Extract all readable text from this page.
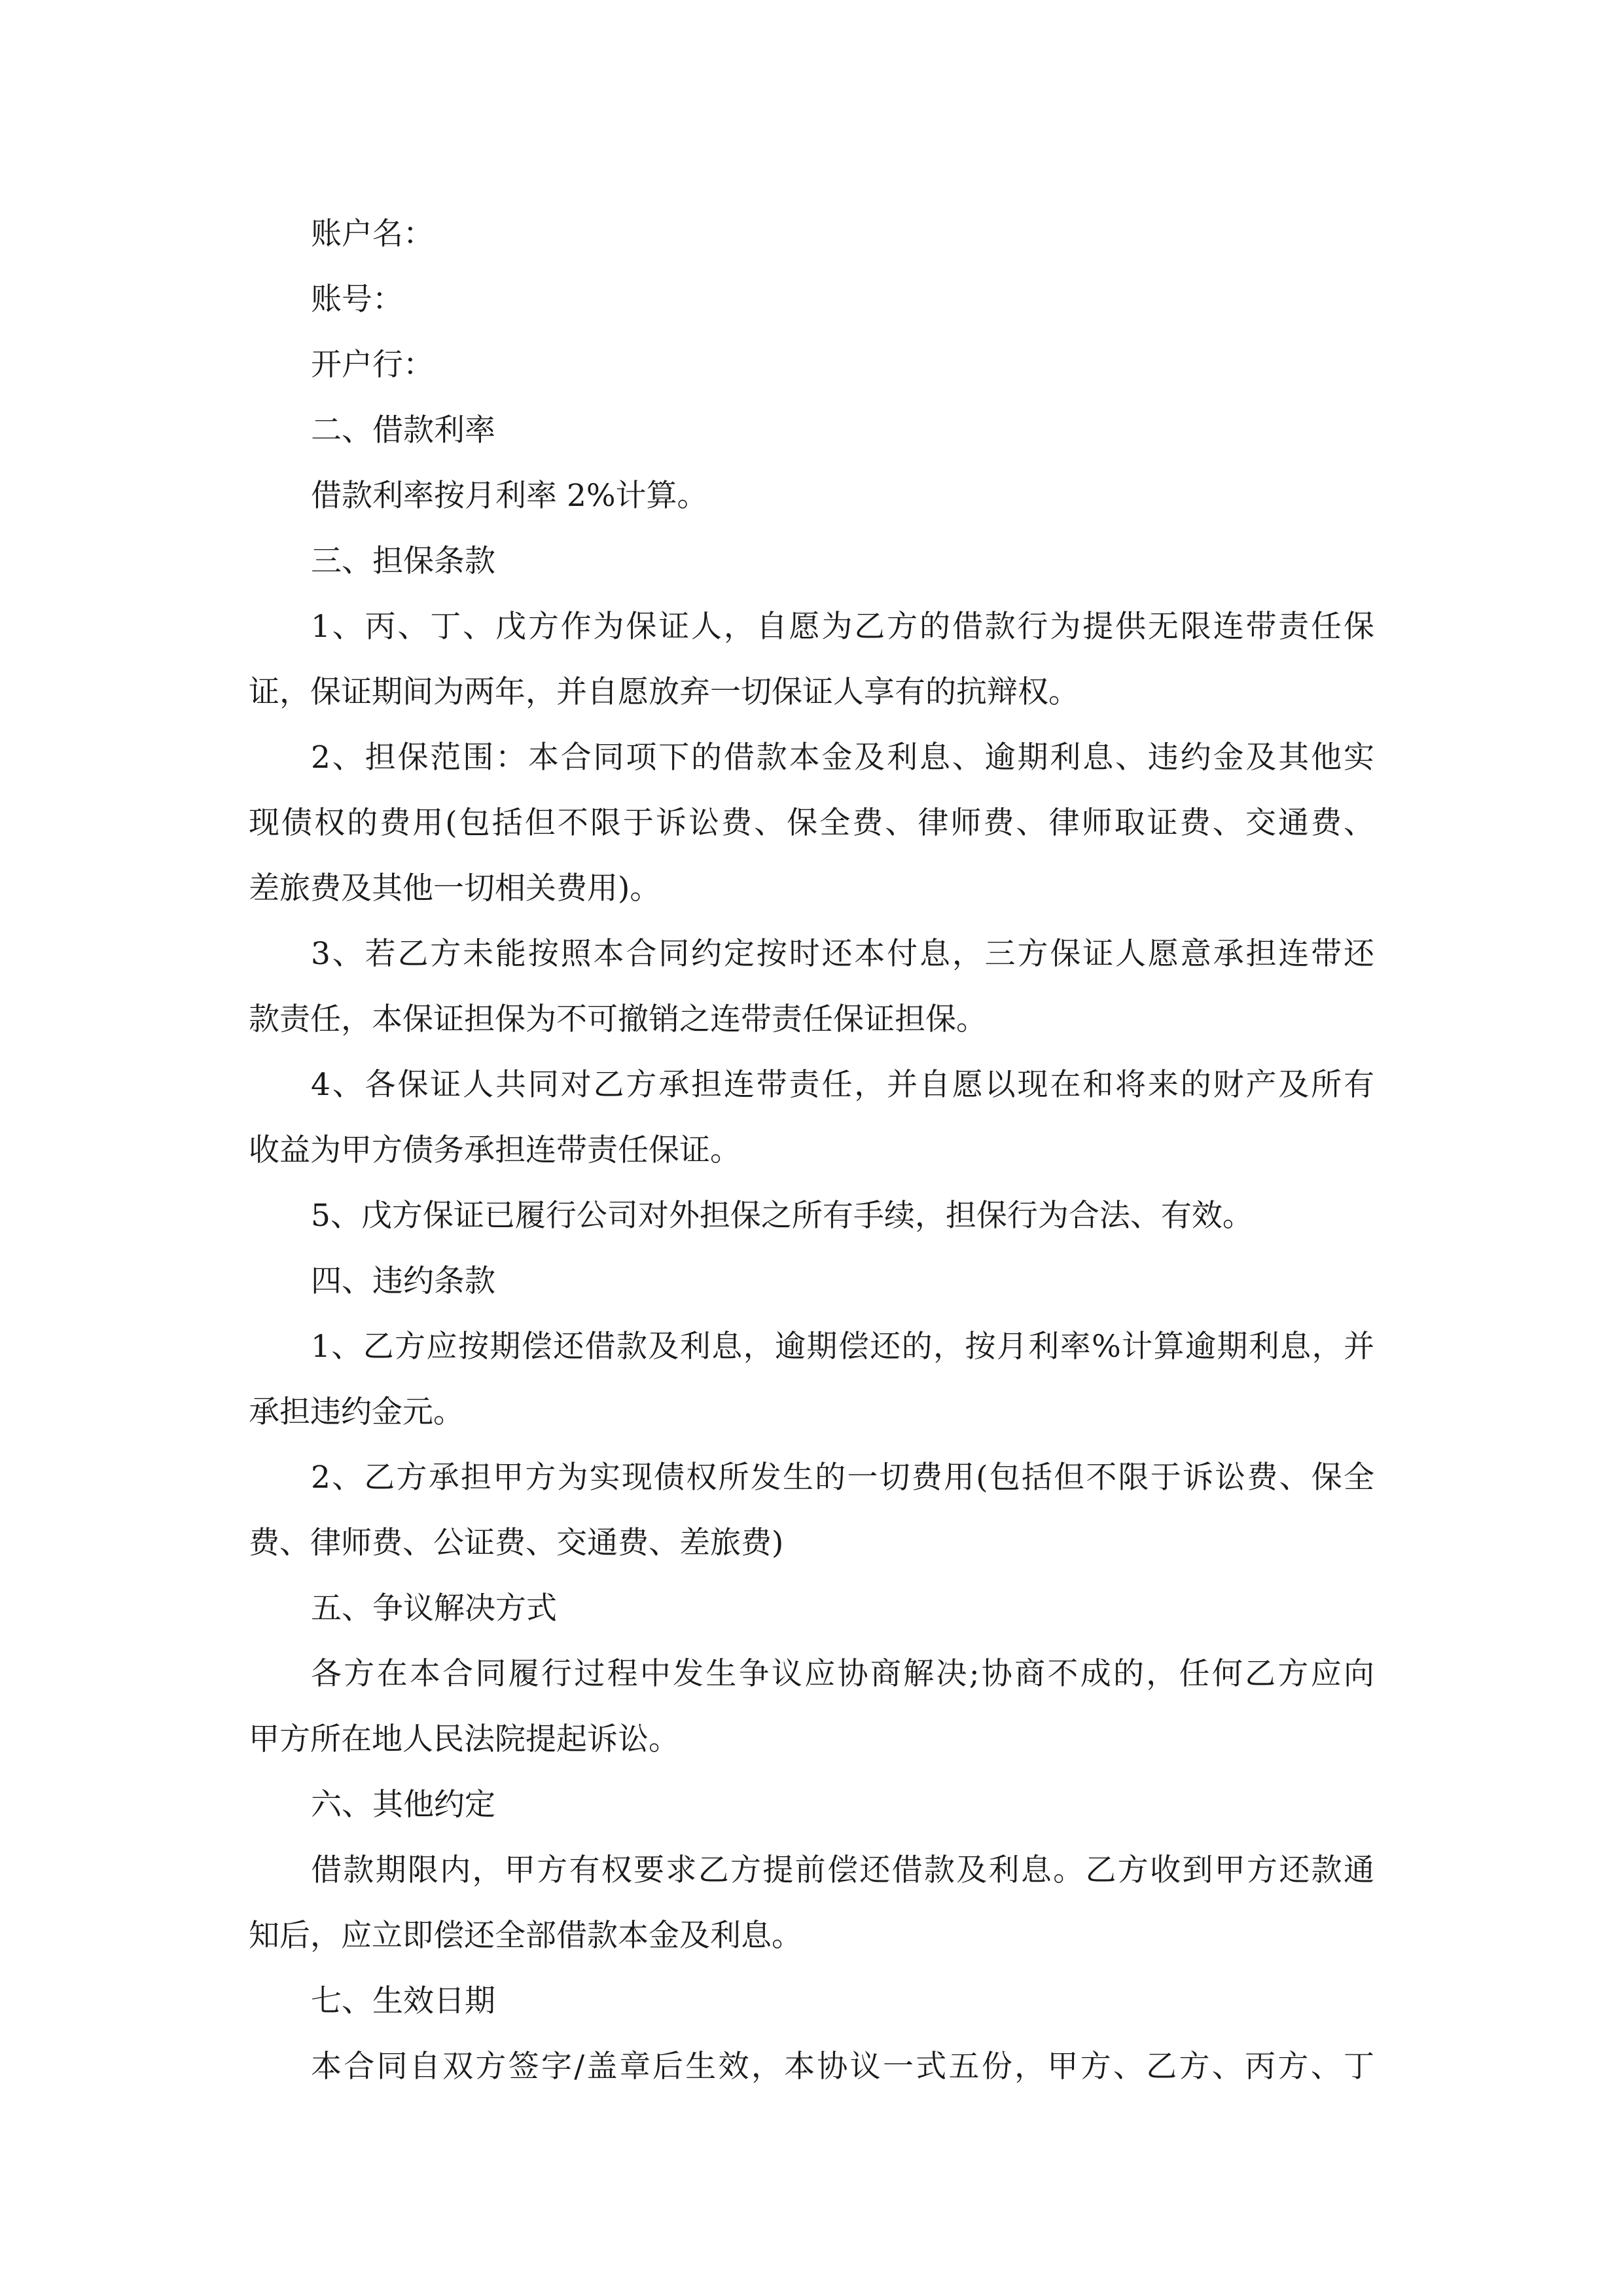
账户名：
账号：
开户行：
二、借款利率
借款利率按月利率 2%计算。
三、担保条款
1、丙、丁、戊方作为保证人，自愿为乙方的借款行为提供无限连带责任保
证，保证期间为两年，并自愿放弃一切保证人享有的抗辩权。
2、担保范围：本合同项下的借款本金及利息、逾期利息、违约金及其他实
现债权的费用(包括但不限于诉讼费、保全费、律师费、律师取证费、交通费、
差旅费及其他一切相关费用)。
3、若乙方未能按照本合同约定按时还本付息，三方保证人愿意承担连带还
款责任，本保证担保为不可撤销之连带责任保证担保。
4、各保证人共同对乙方承担连带责任，并自愿以现在和将来的财产及所有
收益为甲方债务承担连带责任保证。
5、戊方保证已履行公司对外担保之所有手续，担保行为合法、有效。
四、违约条款
1、乙方应按期偿还借款及利息，逾期偿还的，按月利率%计算逾期利息，并
承担违约金元。
2、乙方承担甲方为实现债权所发生的一切费用(包括但不限于诉讼费、保全
费、律师费、公证费、交通费、差旅费)
五、争议解决方式
各方在本合同履行过程中发生争议应协商解决;协商不成的，任何乙方应向
甲方所在地人民法院提起诉讼。
六、其他约定
借款期限内，甲方有权要求乙方提前偿还借款及利息。乙方收到甲方还款通
知后，应立即偿还全部借款本金及利息。
七、生效日期
本合同自双方签字/盖章后生效，本协议一式五份，甲方、乙方、丙方、丁
